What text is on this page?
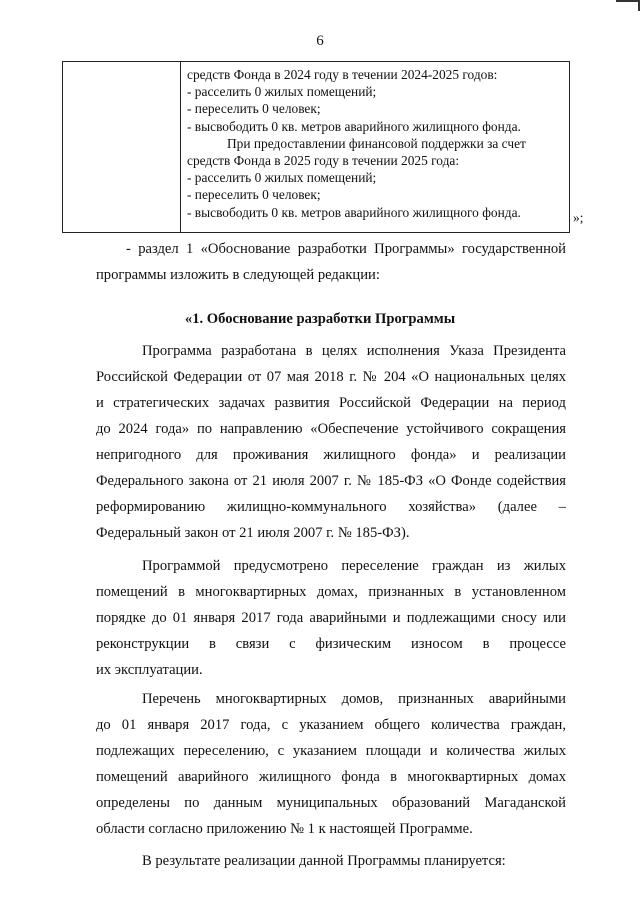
6
средств Фонда в 2024 году в течении 2024-2025 годов:
- расселить 0 жилых помещений;
- переселить 0 человек;
- высвободить 0 кв. метров аварийного жилищного фонда.
При предоставлении финансовой поддержки за счет
средств Фонда в 2025 году в течении 2025 года:
- расселить 0 жилых помещений;
- переселить 0 человек;
- высвободить 0 кв. метров аварийного жилищного фонда.	»;
- раздел 1 «Обоснование разработки Программы» государственной
программы изложить в следующей редакции:
«1. Обоснование разработки Программы
Программа разработана в целях исполнения Указа Президента
Российской Федерации от 07 мая 2018 г. № 204 «О национальных целях
и стратегических задачах развития Российской Федерации на период
до 2024 года» по направлению «Обеспечение устойчивого сокращения
непригодного для проживания жилищного фонда» и реализации
Федерального закона от 21 июля 2007 г. № 185-ФЗ «О Фонде содействия
реформированию жилищно-коммунального хозяйства» (далее –
Федеральный закон от 21 июля 2007 г. № 185-ФЗ).
Программой предусмотрено переселение граждан из жилых
помещений в многоквартирных домах, признанных в установленном
порядке до 01 января 2017 года аварийными и подлежащими сносу или
реконструкции в связи с физическим износом в процессе
их эксплуатации.
Перечень многоквартирных домов, признанных аварийными
до 01 января 2017 года, с указанием общего количества граждан,
подлежащих переселению, с указанием площади и количества жилых
помещений аварийного жилищного фонда в многоквартирных домах
определены по данным муниципальных образований Магаданской
области согласно приложению № 1 к настоящей Программе.
В результате реализации данной Программы планируется:
